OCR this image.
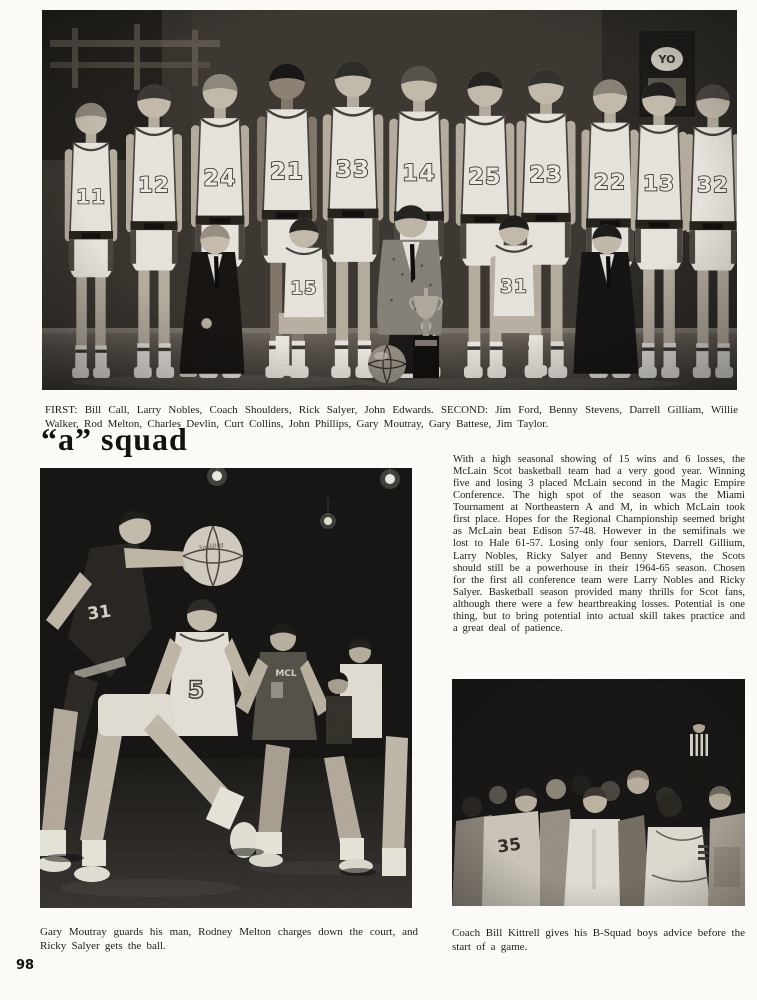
FIRST: Bill Call, Larry Nobles, Coach Shoulders, Rick Salyer, John Edwards. SECOND: Jim Ford, Benny Stevens, Darrell Gilliam, Willie Walker, Rod Melton, Charles Devlin, Curt Collins, John Phillips, Gary Moutray, Gary Battese, Jim Taylor.

“a” squad
31
Spalding
5
MCL

With a high seasonal showing of 15 wins and 6 losses, the McLain Scot basketball team had a very good year. Winning five and losing 3 placed McLain second in the Magic Empire Conference. The high spot of the season was the Miami Tournament at Northeastern A and M, in which McLain took first place. Hopes for the Regional Championship seemed bright as McLain beat Edison 57-48. However in the semifinals we lost to Hale 61-57. Losing only four seniors, Darrell Gillium, Larry Nobles, Ricky Salyer and Benny Stevens, the Scots should still be a powerhouse in their 1964-65 season. Chosen for the first all conference team were Larry Nobles and Ricky Salyer. Basketball season provided many thrills for Scot fans, although there were a few heartbreaking losses. Potential is one thing, but to bring potential into actual skill takes practice and a great deal of patience.

Gary Moutray guards his man, Rodney Melton charges down the court, and Ricky Salyer gets the ball.

Coach Bill Kittrell gives his B-Squad boys advice before the start of a game.

98
